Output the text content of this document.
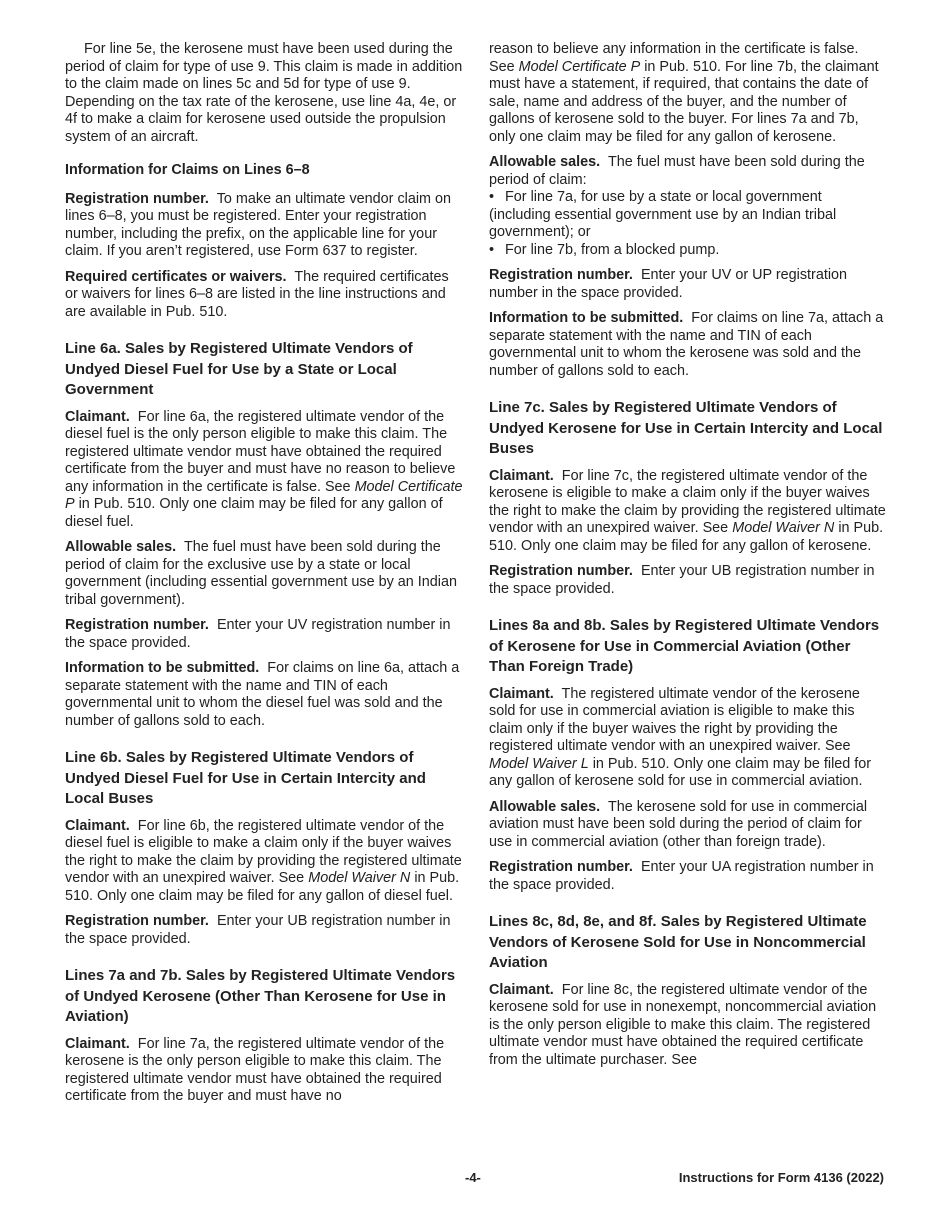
For line 5e, the kerosene must have been used during the period of claim for type of use 9. This claim is made in addition to the claim made on lines 5c and 5d for type of use 9. Depending on the tax rate of the kerosene, use line 4a, 4e, or 4f to make a claim for kerosene used outside the propulsion system of an aircraft.

Information for Claims on Lines 6–8

Registration number. To make an ultimate vendor claim on lines 6–8, you must be registered. Enter your registration number, including the prefix, on the applicable line for your claim. If you aren’t registered, use Form 637 to register.

Required certificates or waivers. The required certificates or waivers for lines 6–8 are listed in the line instructions and are available in Pub. 510.

Line 6a. Sales by Registered Ultimate Vendors of Undyed Diesel Fuel for Use by a State or Local Government

Claimant. For line 6a, the registered ultimate vendor of the diesel fuel is the only person eligible to make this claim. The registered ultimate vendor must have obtained the required certificate from the buyer and must have no reason to believe any information in the certificate is false. See Model Certificate P in Pub. 510. Only one claim may be filed for any gallon of diesel fuel.

Allowable sales. The fuel must have been sold during the period of claim for the exclusive use by a state or local government (including essential government use by an Indian tribal government).

Registration number. Enter your UV registration number in the space provided.

Information to be submitted. For claims on line 6a, attach a separate statement with the name and TIN of each governmental unit to whom the diesel fuel was sold and the number of gallons sold to each.

Line 6b. Sales by Registered Ultimate Vendors of Undyed Diesel Fuel for Use in Certain Intercity and Local Buses

Claimant. For line 6b, the registered ultimate vendor of the diesel fuel is eligible to make a claim only if the buyer waives the right to make the claim by providing the registered ultimate vendor with an unexpired waiver. See Model Waiver N in Pub. 510. Only one claim may be filed for any gallon of diesel fuel.

Registration number. Enter your UB registration number in the space provided.

Lines 7a and 7b. Sales by Registered Ultimate Vendors of Undyed Kerosene (Other Than Kerosene for Use in Aviation)

Claimant. For line 7a, the registered ultimate vendor of the kerosene is the only person eligible to make this claim. The registered ultimate vendor must have obtained the required certificate from the buyer and must have no

reason to believe any information in the certificate is false. See Model Certificate P in Pub. 510. For line 7b, the claimant must have a statement, if required, that contains the date of sale, name and address of the buyer, and the number of gallons of kerosene sold to the buyer. For lines 7a and 7b, only one claim may be filed for any gallon of kerosene.

Allowable sales. The fuel must have been sold during the period of claim:

• For line 7a, for use by a state or local government (including essential government use by an Indian tribal government); or

• For line 7b, from a blocked pump.

Registration number. Enter your UV or UP registration number in the space provided.

Information to be submitted. For claims on line 7a, attach a separate statement with the name and TIN of each governmental unit to whom the kerosene was sold and the number of gallons sold to each.

Line 7c. Sales by Registered Ultimate Vendors of Undyed Kerosene for Use in Certain Intercity and Local Buses

Claimant. For line 7c, the registered ultimate vendor of the kerosene is eligible to make a claim only if the buyer waives the right to make the claim by providing the registered ultimate vendor with an unexpired waiver. See Model Waiver N in Pub. 510. Only one claim may be filed for any gallon of kerosene.

Registration number. Enter your UB registration number in the space provided.

Lines 8a and 8b. Sales by Registered Ultimate Vendors of Kerosene for Use in Commercial Aviation (Other Than Foreign Trade)

Claimant. The registered ultimate vendor of the kerosene sold for use in commercial aviation is eligible to make this claim only if the buyer waives the right by providing the registered ultimate vendor with an unexpired waiver. See Model Waiver L in Pub. 510. Only one claim may be filed for any gallon of kerosene sold for use in commercial aviation.

Allowable sales. The kerosene sold for use in commercial aviation must have been sold during the period of claim for use in commercial aviation (other than foreign trade).

Registration number. Enter your UA registration number in the space provided.

Lines 8c, 8d, 8e, and 8f. Sales by Registered Ultimate Vendors of Kerosene Sold for Use in Noncommercial Aviation

Claimant. For line 8c, the registered ultimate vendor of the kerosene sold for use in nonexempt, noncommercial aviation is the only person eligible to make this claim. The registered ultimate vendor must have obtained the required certificate from the ultimate purchaser. See

-4-	Instructions for Form 4136 (2022)
